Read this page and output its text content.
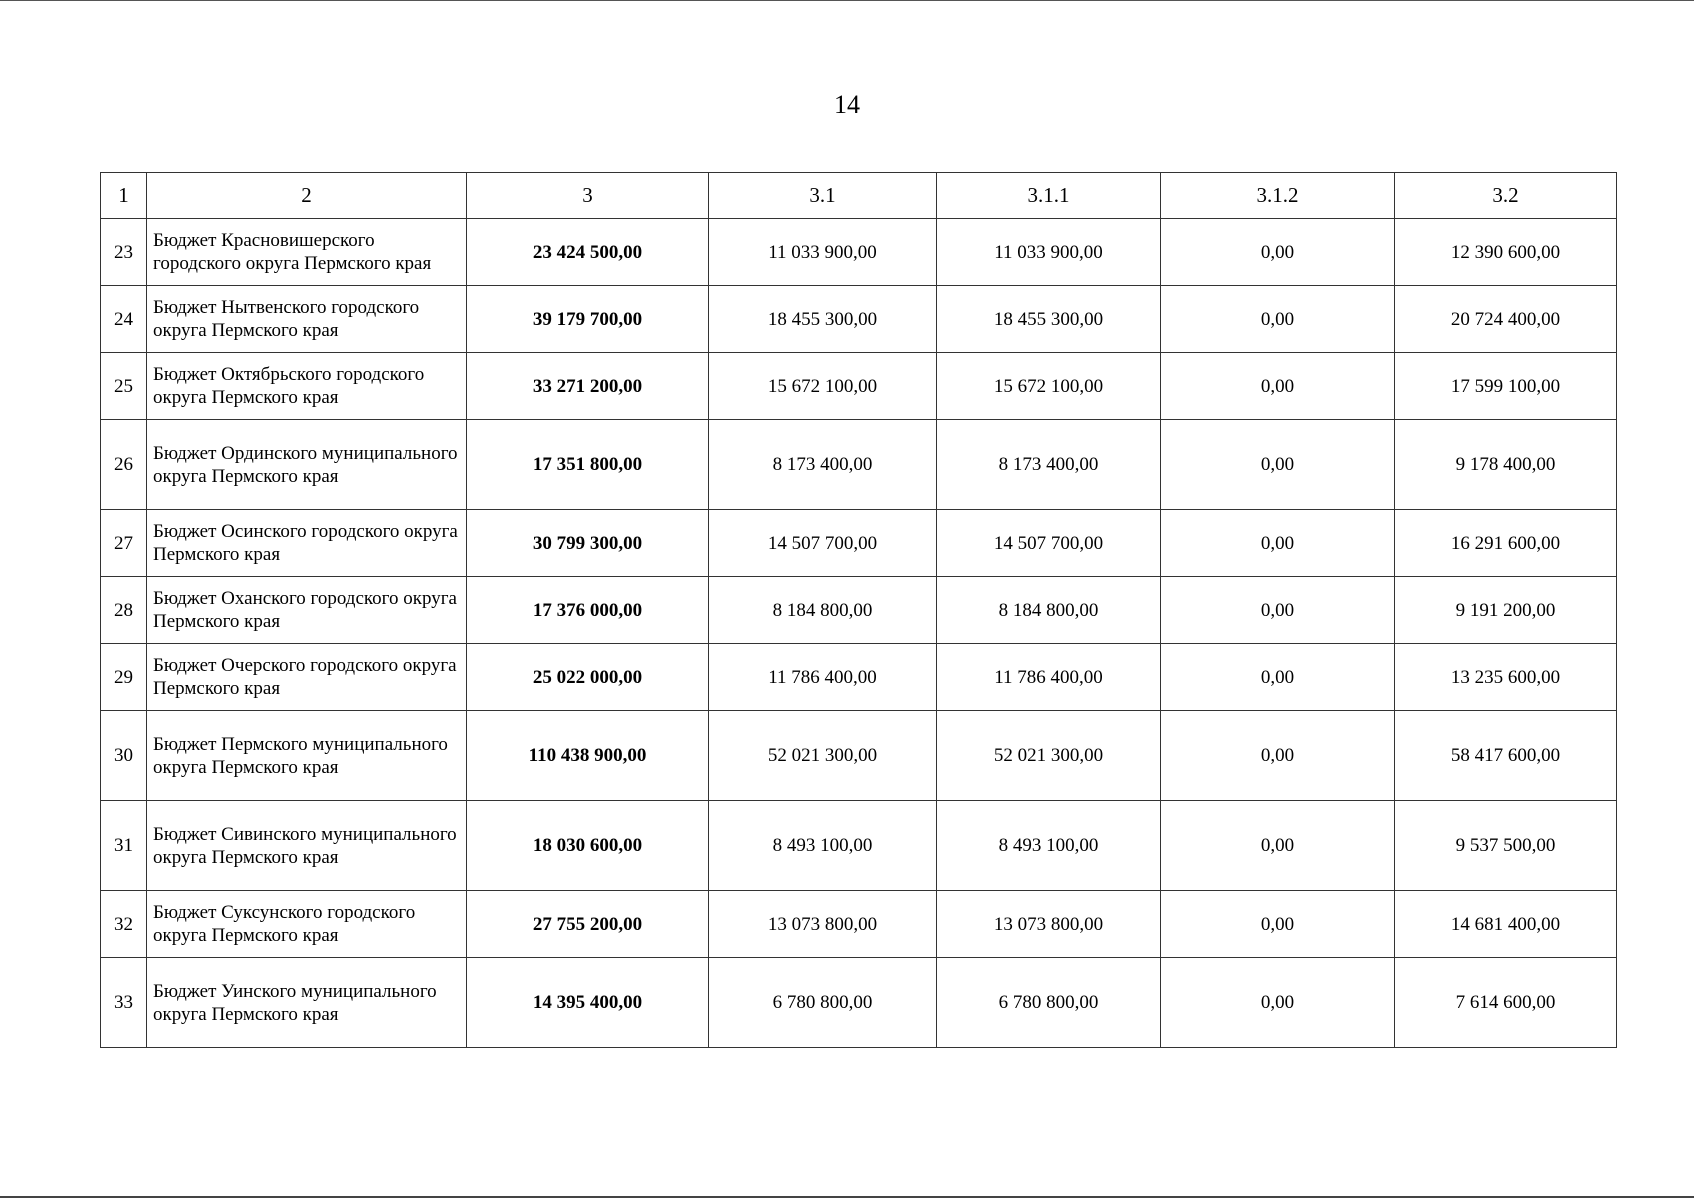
14
1	2	3	3.1	3.1.1	3.1.2	3.2
23	Бюджет Красновишерского городского округа Пермского края	23 424 500,00	11 033 900,00	11 033 900,00	0,00	12 390 600,00
24	Бюджет Нытвенского городского округа Пермского края	39 179 700,00	18 455 300,00	18 455 300,00	0,00	20 724 400,00
25	Бюджет Октябрьского городского округа Пермского края	33 271 200,00	15 672 100,00	15 672 100,00	0,00	17 599 100,00
26	Бюджет Ординского муниципального округа Пермского края	17 351 800,00	8 173 400,00	8 173 400,00	0,00	9 178 400,00
27	Бюджет Осинского городского округа Пермского края	30 799 300,00	14 507 700,00	14 507 700,00	0,00	16 291 600,00
28	Бюджет Оханского городского округа Пермского края	17 376 000,00	8 184 800,00	8 184 800,00	0,00	9 191 200,00
29	Бюджет Очерского городского округа Пермского края	25 022 000,00	11 786 400,00	11 786 400,00	0,00	13 235 600,00
30	Бюджет Пермского муниципального округа Пермского края	110 438 900,00	52 021 300,00	52 021 300,00	0,00	58 417 600,00
31	Бюджет Сивинского муниципального округа Пермского края	18 030 600,00	8 493 100,00	8 493 100,00	0,00	9 537 500,00
32	Бюджет Суксунского городского округа Пермского края	27 755 200,00	13 073 800,00	13 073 800,00	0,00	14 681 400,00
33	Бюджет Уинского муниципального округа Пермского края	14 395 400,00	6 780 800,00	6 780 800,00	0,00	7 614 600,00
